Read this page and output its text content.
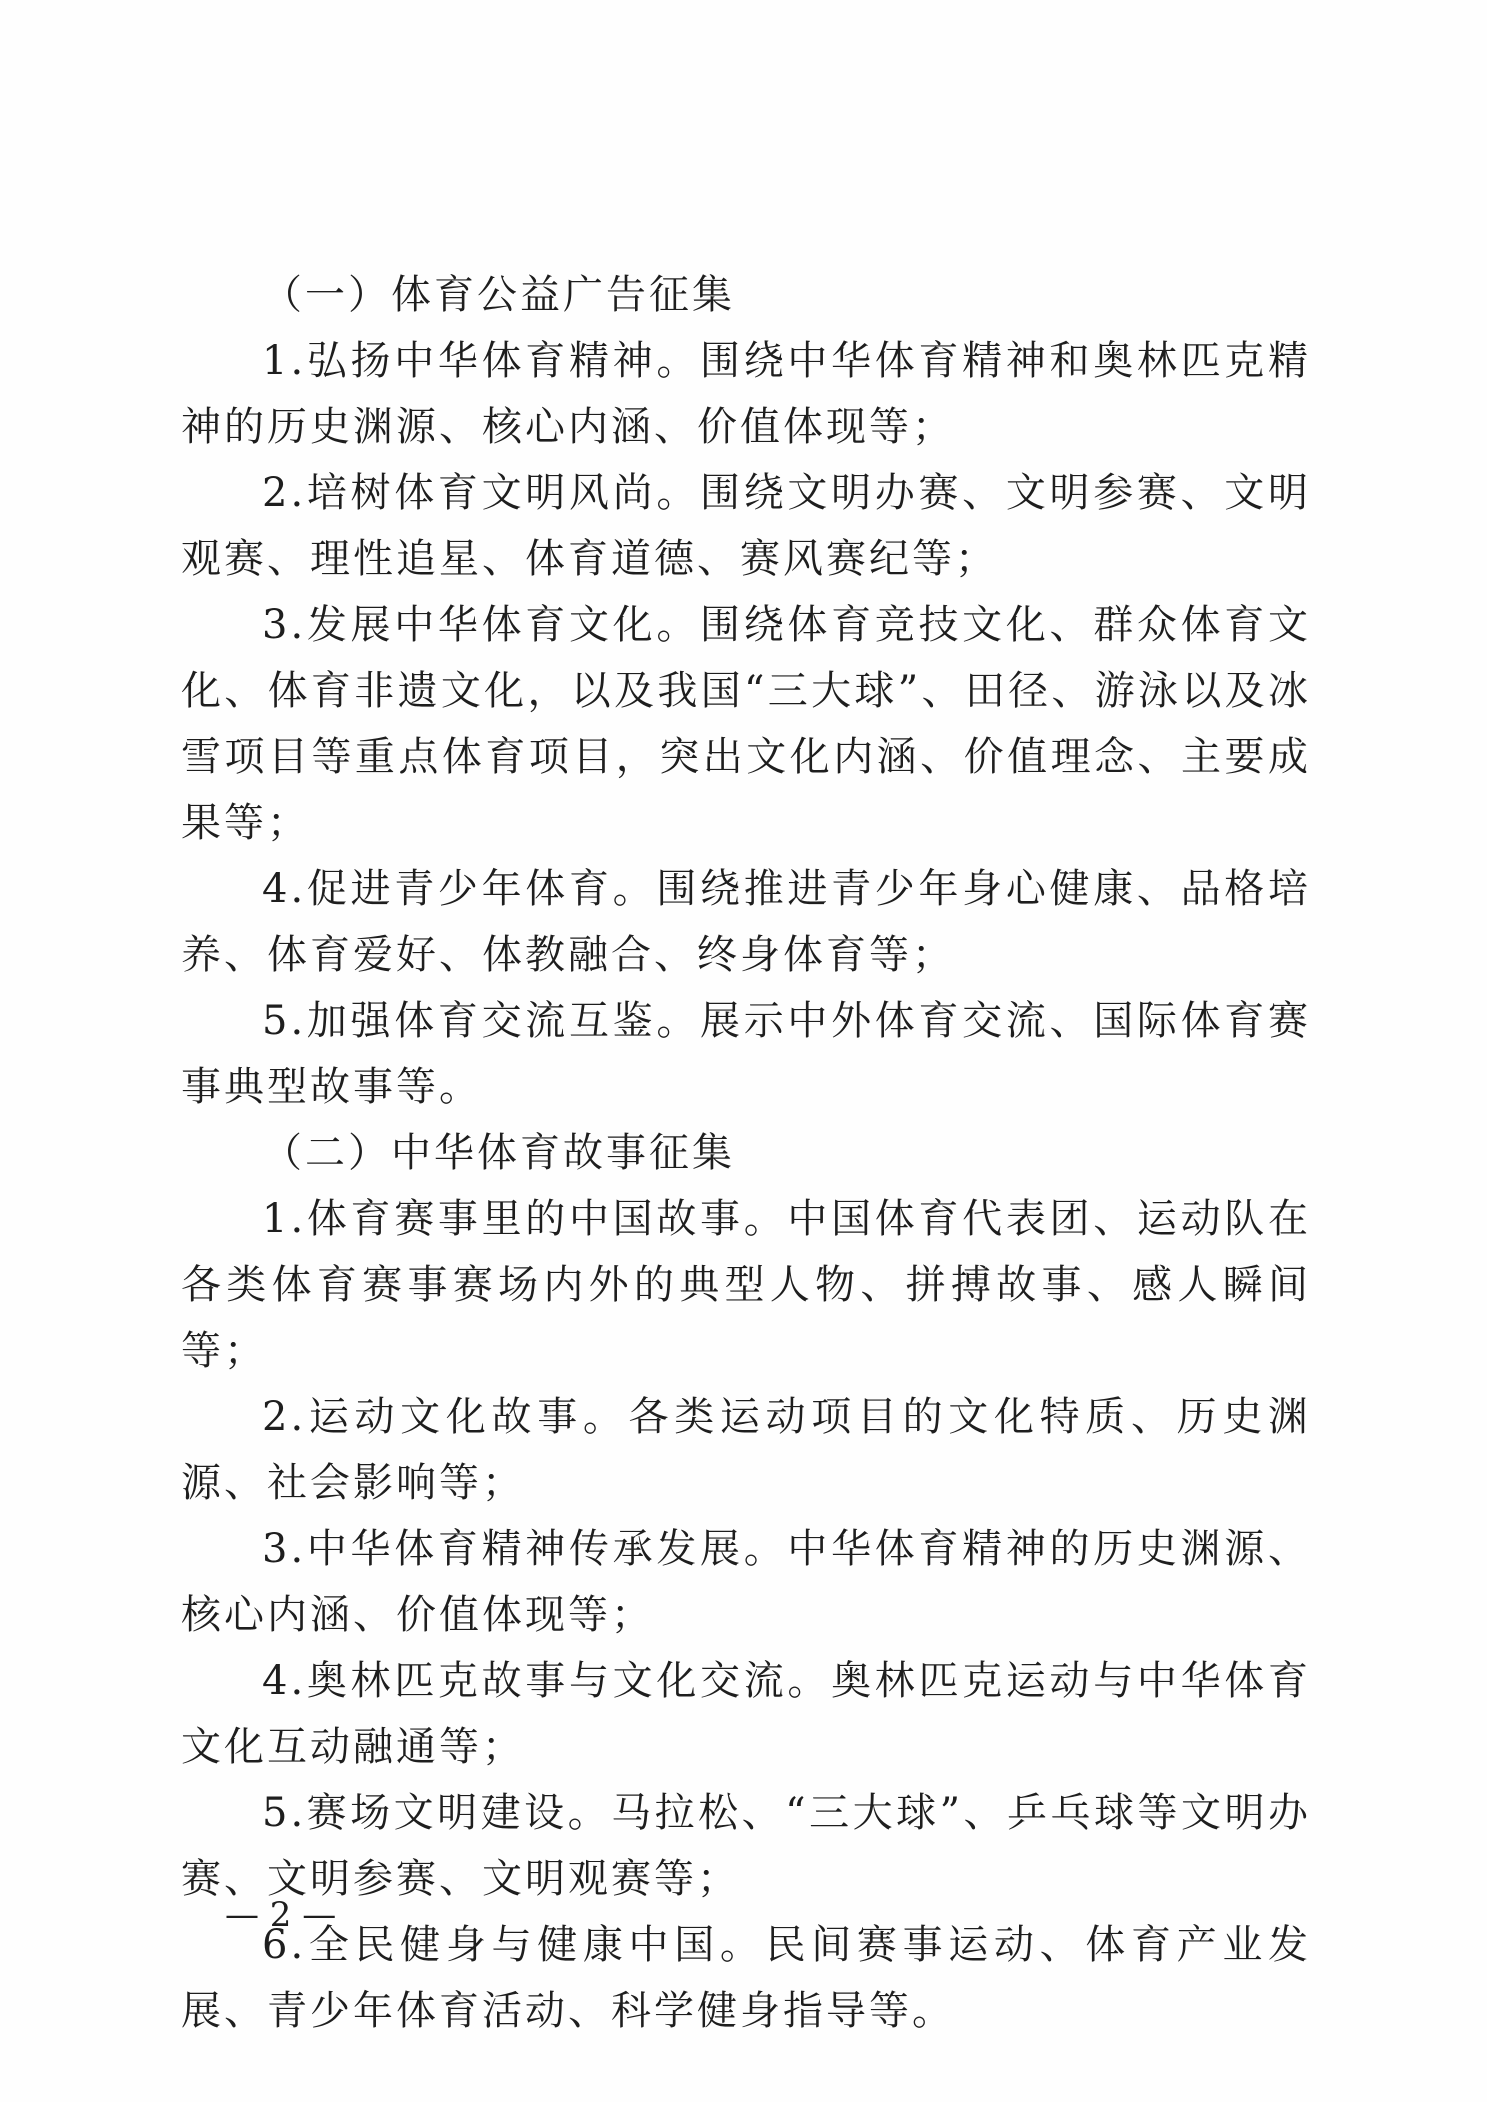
（一）体育公益广告征集

1.弘扬中华体育精神。围绕中华体育精神和奥林匹克精神的历史渊源、核心内涵、价值体现等；

2.培树体育文明风尚。围绕文明办赛、文明参赛、文明观赛、理性追星、体育道德、赛风赛纪等；

3.发展中华体育文化。围绕体育竞技文化、群众体育文化、体育非遗文化，以及我国“三大球”、田径、游泳以及冰雪项目等重点体育项目，突出文化内涵、价值理念、主要成果等；

4.促进青少年体育。围绕推进青少年身心健康、品格培养、体育爱好、体教融合、终身体育等；

5.加强体育交流互鉴。展示中外体育交流、国际体育赛事典型故事等。

（二）中华体育故事征集

1.体育赛事里的中国故事。中国体育代表团、运动队在各类体育赛事赛场内外的典型人物、拼搏故事、感人瞬间等；

2.运动文化故事。各类运动项目的文化特质、历史渊源、社会影响等；

3.中华体育精神传承发展。中华体育精神的历史渊源、核心内涵、价值体现等；

4.奥林匹克故事与文化交流。奥林匹克运动与中华体育文化互动融通等；

5.赛场文明建设。马拉松、“三大球”、乒乓球等文明办赛、文明参赛、文明观赛等；

6.全民健身与健康中国。民间赛事运动、体育产业发展、青少年体育活动、科学健身指导等。

— 2 —
